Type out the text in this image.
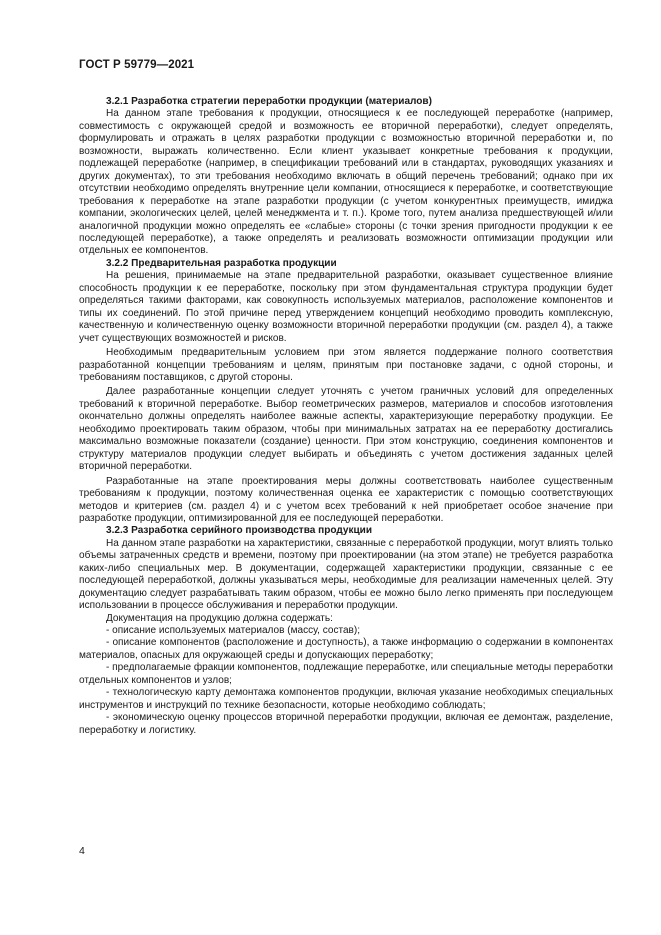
ГОСТ Р 59779—2021
3.2.1 Разработка стратегии переработки продукции (материалов)

На данном этапе требования к продукции, относящиеся к ее последующей переработке (например, совместимость с окружающей средой и возможность ее вторичной переработки), следует определять, формулировать и отражать в целях разработки продукции с возможностью вторичной переработки и, по возможности, выражать количественно. Если клиент указывает конкретные требования к продукции, подлежащей переработке (например, в спецификации требований или в стандартах, руководящих указаниях и других документах), то эти требования необходимо включать в общий перечень требований; однако при их отсутствии необходимо определять внутренние цели компании, относящиеся к переработке, и соответствующие требования к переработке на этапе разработки продукции (с учетом конкурентных преимуществ, имиджа компании, экологических целей, целей менеджмента и т. п.). Кроме того, путем анализа предшествующей и/или аналогичной продукции можно определять ее «слабые» стороны (с точки зрения пригодности продукции к ее последующей переработке), а также определять и реализовать возможности оптимизации продукции или отдельных ее компонентов.

3.2.2 Предварительная разработка продукции

На решения, принимаемые на этапе предварительной разработки, оказывает существенное влияние способность продукции к ее переработке, поскольку при этом фундаментальная структура продукции будет определяться такими факторами, как совокупность используемых материалов, расположение компонентов и типы их соединений. По этой причине перед утверждением концепций необходимо проводить комплексную, качественную и количественную оценку возможности вторичной переработки продукции (см. раздел 4), а также учет существующих возможностей и рисков.

Необходимым предварительным условием при этом является поддержание полного соответствия разработанной концепции требованиям и целям, принятым при постановке задачи, с одной стороны, и требованиям поставщиков, с другой стороны.

Далее разработанные концепции следует уточнять с учетом граничных условий для определенных требований к вторичной переработке. Выбор геометрических размеров, материалов и способов изготовления окончательно должны определять наиболее важные аспекты, характеризующие переработку продукции. Ее необходимо проектировать таким образом, чтобы при минимальных затратах на ее переработку достигались максимально возможные показатели (создание) ценности. При этом конструкцию, соединения компонентов и структуру материалов продукции следует выбирать и объединять с учетом достижения заданных целей вторичной переработки.

Разработанные на этапе проектирования меры должны соответствовать наиболее существенным требованиям к продукции, поэтому количественная оценка ее характеристик с помощью соответствующих методов и критериев (см. раздел 4) и с учетом всех требований к ней приобретает особое значение при разработке продукции, оптимизированной для ее последующей переработки.

3.2.3 Разработка серийного производства продукции

На данном этапе разработки на характеристики, связанные с переработкой продукции, могут влиять только объемы затраченных средств и времени, поэтому при проектировании (на этом этапе) не требуется разработка каких-либо специальных мер. В документации, содержащей характеристики продукции, связанные с ее последующей переработкой, должны указываться меры, необходимые для реализации намеченных целей. Эту документацию следует разрабатывать таким образом, чтобы ее можно было легко применять при последующем использовании в процессе обслуживания и переработки продукции.

Документация на продукцию должна содержать:

- описание используемых материалов (массу, состав);

- описание компонентов (расположение и доступность), а также информацию о содержании в компонентах материалов, опасных для окружающей среды и допускающих переработку;

- предполагаемые фракции компонентов, подлежащие переработке, или специальные методы переработки отдельных компонентов и узлов;

- технологическую карту демонтажа компонентов продукции, включая указание необходимых специальных инструментов и инструкций по технике безопасности, которые необходимо соблюдать;

- экономическую оценку процессов вторичной переработки продукции, включая ее демонтаж, разделение, переработку и логистику.

4
